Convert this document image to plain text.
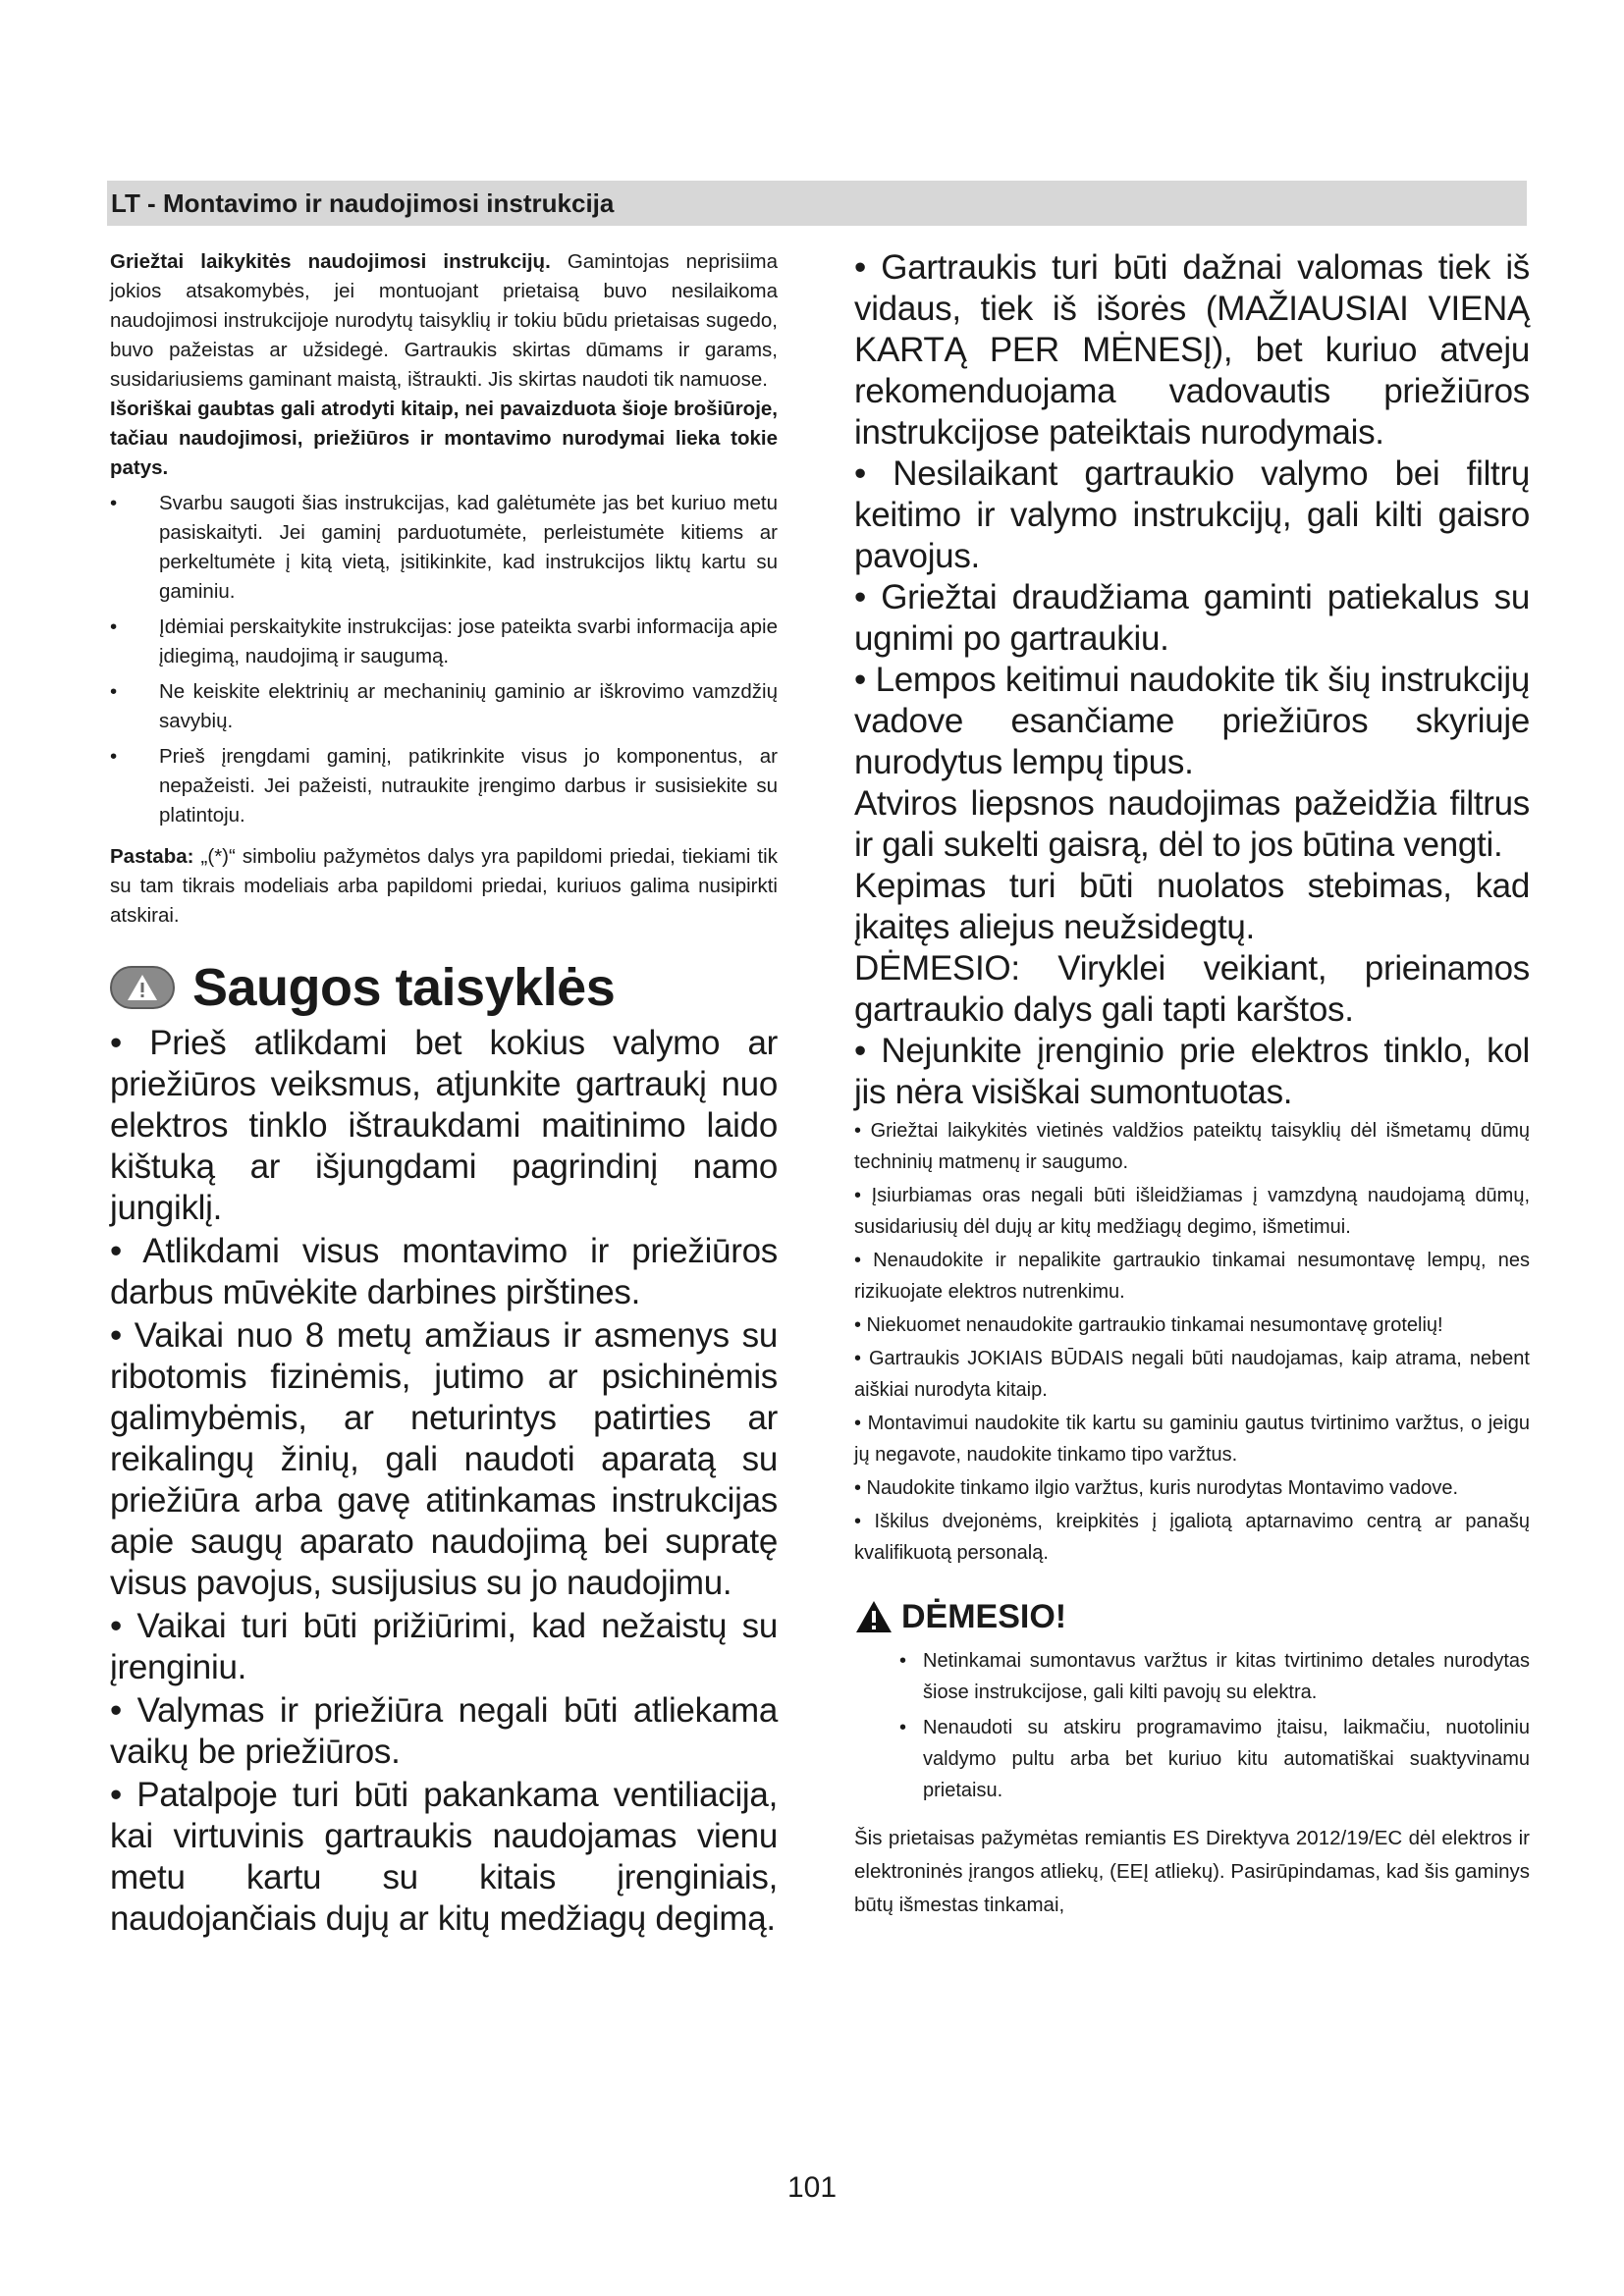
LT - Montavimo ir naudojimosi instrukcija

Griežtai laikykitės naudojimosi instrukcijų. Gamintojas neprisiima jokios atsakomybės, jei montuojant prietaisą buvo nesilaikoma naudojimosi instrukcijoje nurodytų taisyklių ir tokiu būdu prietaisas sugedo, buvo pažeistas ar užsidegė. Gartraukis skirtas dūmams ir garams, susidariusiems gaminant maistą, ištraukti. Jis skirtas naudoti tik namuose.

Išoriškai gaubtas gali atrodyti kitaip, nei pavaizduota šioje brošiūroje, tačiau naudojimosi, priežiūros ir montavimo nurodymai lieka tokie patys.

• Svarbu saugoti šias instrukcijas, kad galėtumėte jas bet kuriuo metu pasiskaityti. Jei gaminį parduotumėte, perleistumėte kitiems ar perkeltumėte į kitą vietą, įsitikinkite, kad instrukcijos liktų kartu su gaminiu.
• Įdėmiai perskaitykite instrukcijas: jose pateikta svarbi informacija apie įdiegimą, naudojimą ir saugumą.
• Ne keiskite elektrinių ar mechaninių gaminio ar iškrovimo vamzdžių savybių.
• Prieš įrengdami gaminį, patikrinkite visus jo komponentus, ar nepažeisti. Jei pažeisti, nutraukite įrengimo darbus ir susisiekite su platintoju.

Pastaba: „(*)“ simboliu pažymėtos dalys yra papildomi priedai, tiekiami tik su tam tikrais modeliais arba papildomi priedai, kuriuos galima nusipirkti atskirai.

Saugos taisyklės

• Prieš atlikdami bet kokius valymo ar priežiūros veiksmus, atjunkite gartraukį nuo elektros tinklo ištraukdami maitinimo laido kištuką ar išjungdami pagrindinį namo jungiklį.

• Atlikdami visus montavimo ir priežiūros darbus mūvėkite darbines pirštines.

• Vaikai nuo 8 metų amžiaus ir asmenys su ribotomis fizinėmis, jutimo ar psichinėmis galimybėmis, ar neturintys patirties ar reikalingų žinių, gali naudoti aparatą su priežiūra arba gavę atitinkamas instrukcijas apie saugų aparato naudojimą bei supratę visus pavojus, susijusius su jo naudojimu.

• Vaikai turi būti prižiūrimi, kad nežaistų su įrenginiu.

• Valymas ir priežiūra negali būti atliekama vaikų be priežiūros.

• Patalpoje turi būti pakankama ventiliacija, kai virtuvinis gartraukis naudojamas vienu metu kartu su kitais įrenginiais, naudojančiais dujų ar kitų medžiagų degimą.

• Gartraukis turi būti dažnai valomas tiek iš vidaus, tiek iš išorės (MAŽIAUSIAI VIENĄ KARTĄ PER MĖNESĮ), bet kuriuo atveju rekomenduojama vadovautis priežiūros instrukcijose pateiktais nurodymais.

• Nesilaikant gartraukio valymo bei filtrų keitimo ir valymo instrukcijų, gali kilti gaisro pavojus.

• Griežtai draudžiama gaminti patiekalus su ugnimi po gartraukiu.

• Lempos keitimui naudokite tik šių instrukcijų vadove esančiame priežiūros skyriuje nurodytus lempų tipus.

Atviros liepsnos naudojimas pažeidžia filtrus ir gali sukelti gaisrą, dėl to jos būtina vengti.

Kepimas turi būti nuolatos stebimas, kad įkaitęs aliejus neužsidegtų.

DĖMESIO: Viryklei veikiant, prieinamos gartraukio dalys gali tapti karštos.

• Nejunkite įrenginio prie elektros tinklo, kol jis nėra visiškai sumontuotas.

• Griežtai laikykitės vietinės valdžios pateiktų taisyklių dėl išmetamų dūmų techninių matmenų ir saugumo.

• Įsiurbiamas oras negali būti išleidžiamas į vamzdyną naudojamą dūmų, susidariusių dėl dujų ar kitų medžiagų degimo, išmetimui.

• Nenaudokite ir nepalikite gartraukio tinkamai nesumontavę lempų, nes rizikuojate elektros nutrenkimu.

• Niekuomet nenaudokite gartraukio tinkamai nesumontavę grotelių!

• Gartraukis JOKIAIS BŪDAIS negali būti naudojamas, kaip atrama, nebent aiškiai nurodyta kitaip.

• Montavimui naudokite tik kartu su gaminiu gautus tvirtinimo varžtus, o jeigu jų negavote, naudokite tinkamo tipo varžtus.

• Naudokite tinkamo ilgio varžtus, kuris nurodytas Montavimo vadove.

• Iškilus dvejonėms, kreipkitės į įgaliotą aptarnavimo centrą ar panašų kvalifikuotą personalą.

DĖMESIO!
• Netinkamai sumontavus varžtus ir kitas tvirtinimo detales nurodytas šiose instrukcijose, gali kilti pavojų su elektra.
• Nenaudoti su atskiru programavimo įtaisu, laikmačiu, nuotoliniu valdymo pultu arba bet kuriuo kitu automatiškai suaktyvinamu prietaisu.

Šis prietaisas pažymėtas remiantis ES Direktyva 2012/19/EC dėl elektros ir elektroninės įrangos atliekų, (EEĮ atliekų). Pasirūpindamas, kad šis gaminys būtų išmestas tinkamai,

101
